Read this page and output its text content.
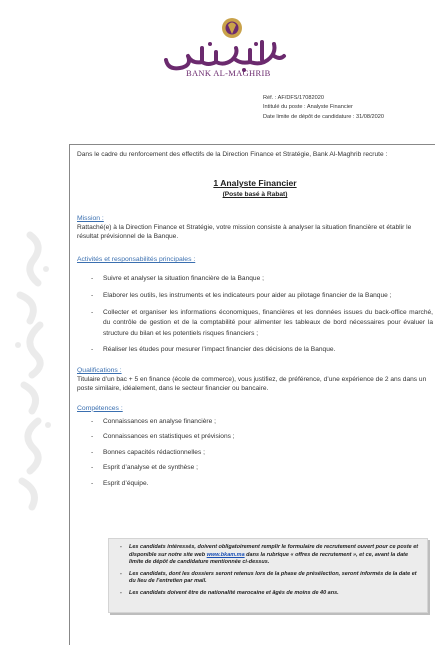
BANK AL-MAGHRIB
Réf. : AF/DFS/17082020
Intitulé du poste : Analyste Financier
Date limite de dépôt de candidature : 31/08/2020

Dans le cadre du renforcement des effectifs de la Direction Finance et Stratégie, Bank Al-Maghrib recrute :

1 Analyste Financier
(Poste basé à Rabat)
Mission :

Rattaché(e) à la Direction Finance et Stratégie, votre mission consiste à analyser la situation financière et établir le résultat prévisionnel de la Banque.

Activités et responsabilités principales :
- Suivre et analyser la situation financière de la Banque ;
- Elaborer les outils, les instruments et les indicateurs pour aider au pilotage financier de la Banque ;
- Collecter et organiser les informations économiques, financières et les données issues du back-office marché, du contrôle de gestion et de la comptabilité pour alimenter les tableaux de bord nécessaires pour évaluer la structure du bilan et les potentiels risques financiers ;
- Réaliser les études pour mesurer l’impact financier des décisions de la Banque.
Qualifications :

Titulaire d’un bac + 5 en finance (école de commerce), vous justifiez, de préférence, d’une expérience de 2 ans dans un poste similaire, idéalement, dans le secteur financier ou bancaire.

Compétences :
- Connaissances en analyse financière ;
- Connaissances en statistiques et prévisions ;
- Bonnes capacités rédactionnelles ;
- Esprit d’analyse et de synthèse ;
- Esprit d’équipe.
- Les candidats intéressés, doivent obligatoirement remplir le formulaire de recrutement ouvert pour ce poste et disponible sur notre site web www.bkam.ma dans la rubrique « offres de recrutement », et ce, avant la date limite de dépôt de candidature mentionnée ci-dessus.
- Les candidats, dont les dossiers seront retenus lors de la phase de présélection, seront informés de la date et du lieu de l’entretien par mail.
- Les candidats doivent être de nationalité marocaine et âgés de moins de 40 ans.
